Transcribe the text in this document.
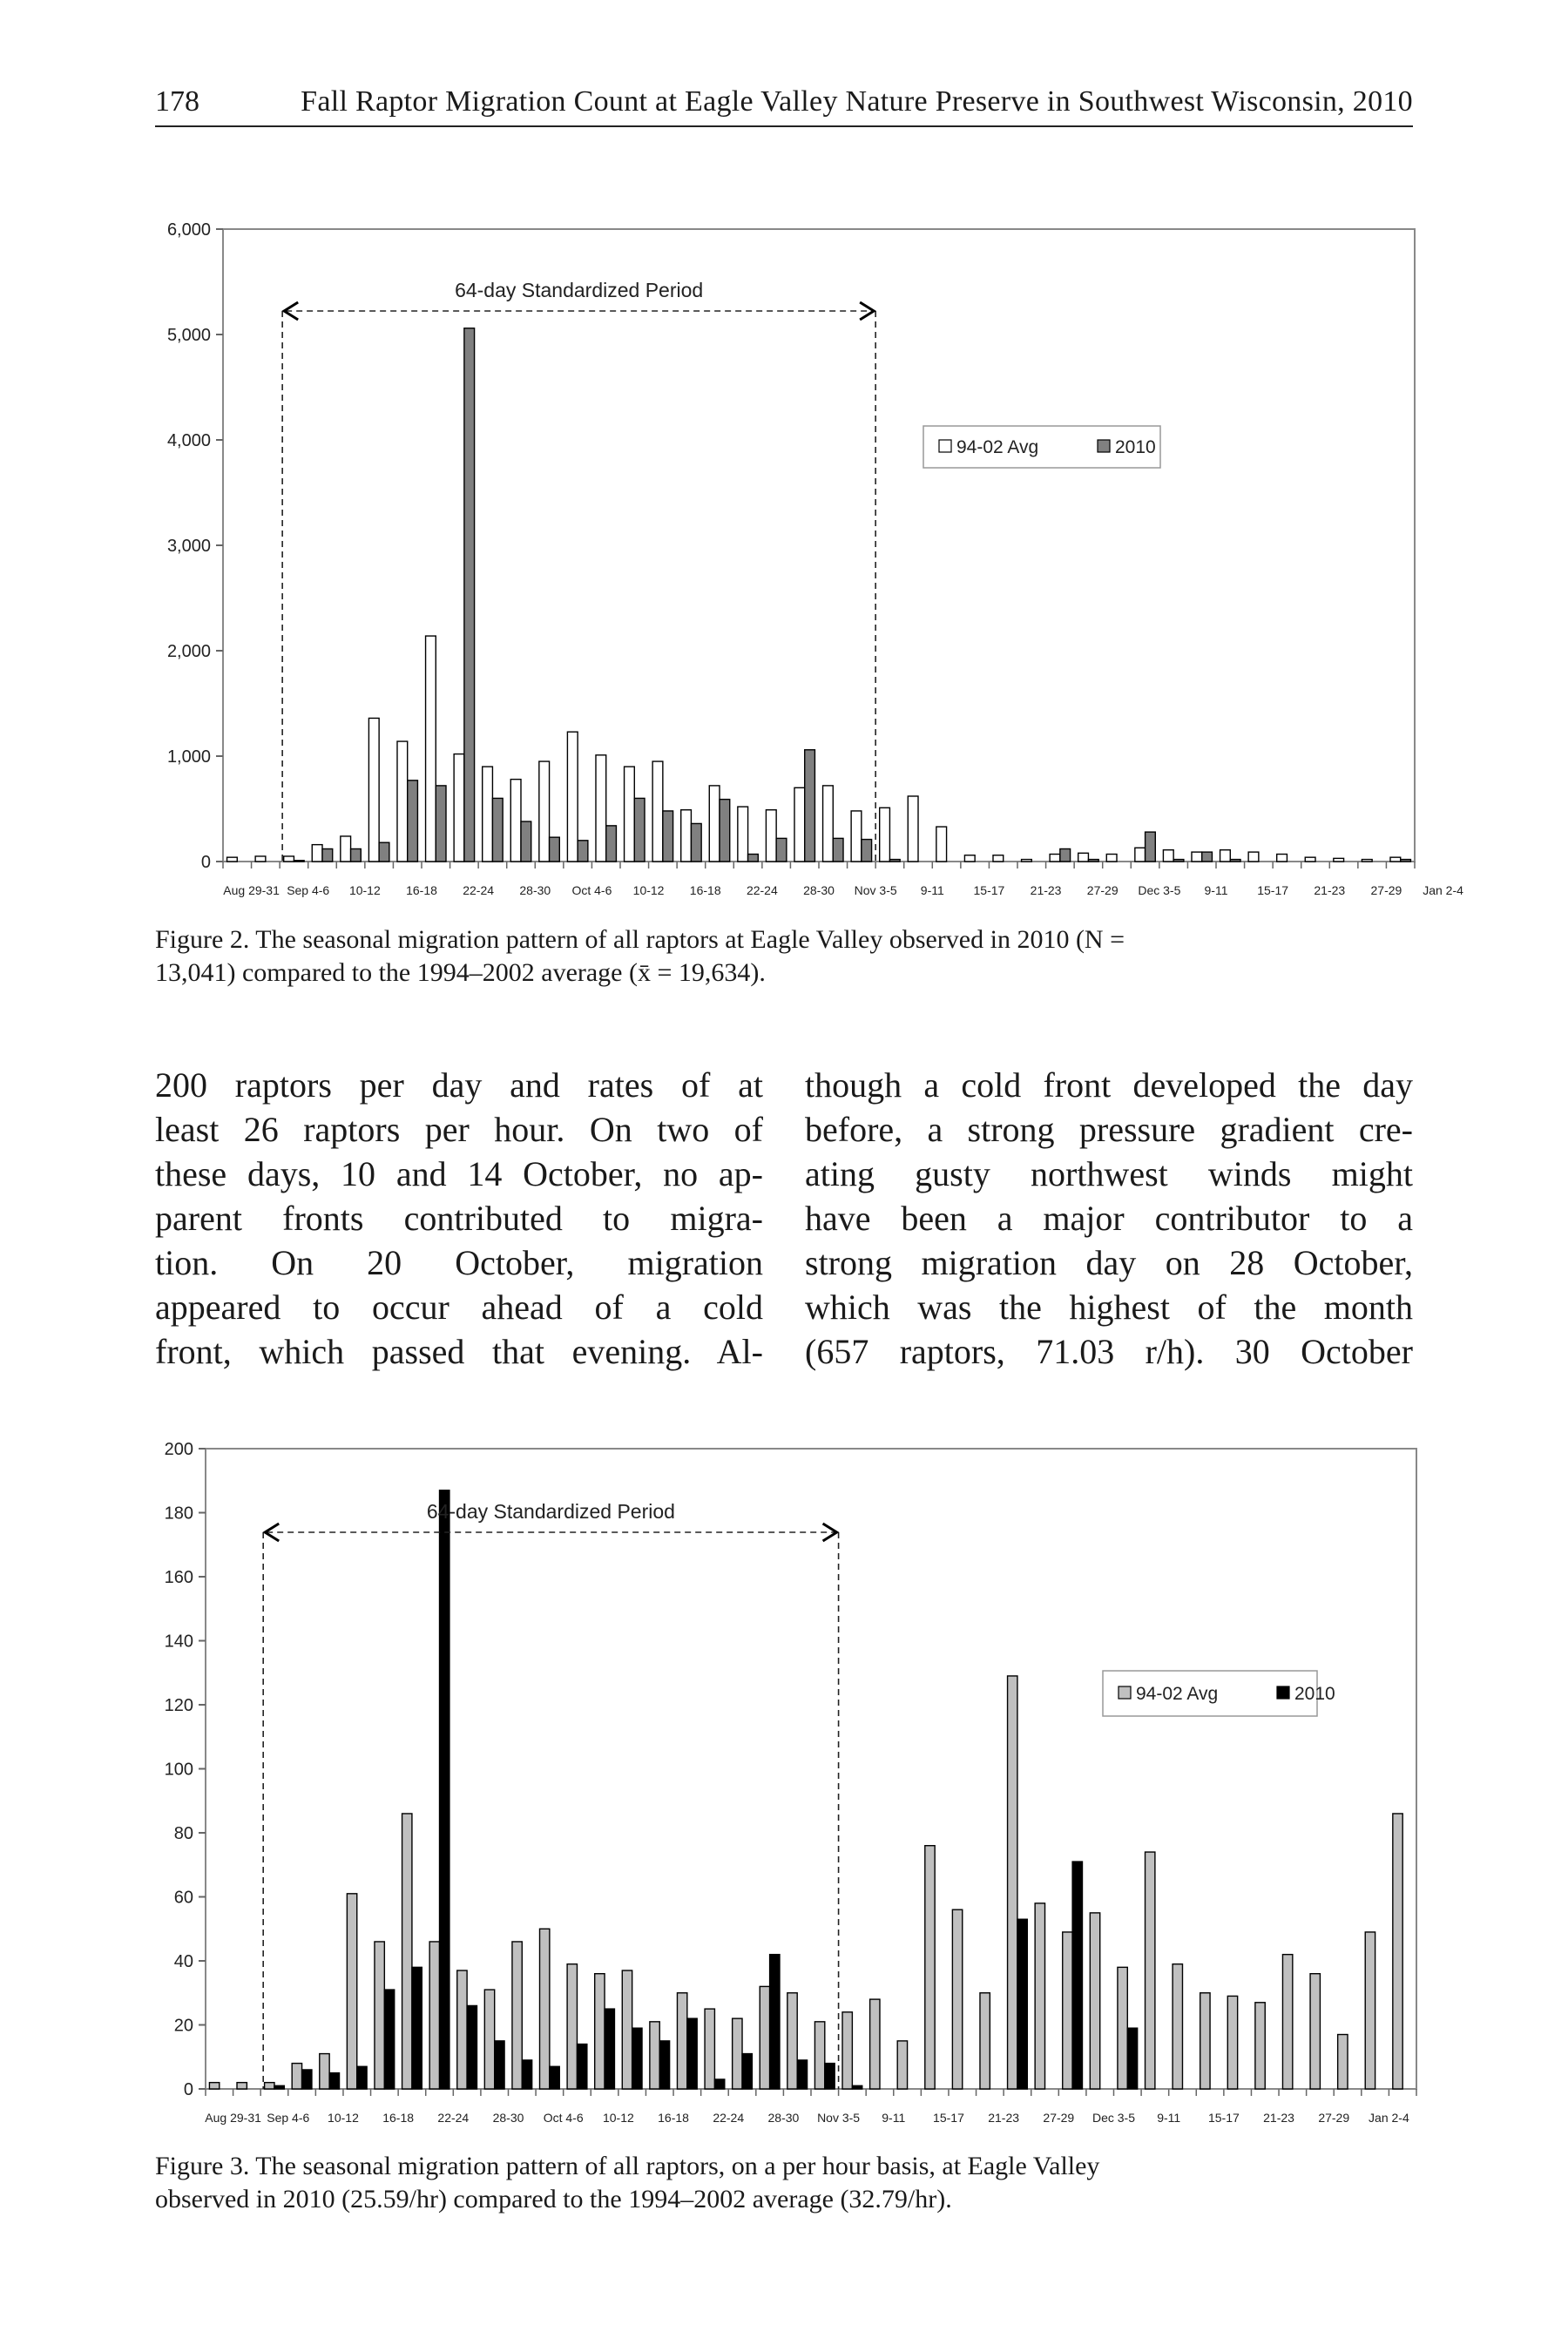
178	Fall Raptor Migration Count at Eagle Valley Nature Preserve in Southwest Wisconsin, 2010
0
1,000
2,000
3,000
4,000
5,000
6,000
Aug 29-31 Sep 4-6 10-12 16-18 22-24 28-30 Oct 4-6 10-12 16-18 22-24 28-30 Nov 3-5 9-11 15-17 21-23 27-29 Dec 3-5 9-11 15-17 21-23 27-29 Jan 2-4
64-day Standardized Period
94-02 Avg	2010
Figure 2. The seasonal migration pattern of all raptors at Eagle Valley observed in 2010 (N =
13,041) compared to the 1994–2002 average (x̄ = 19,634).
200 raptors per day and rates of at
least 26 raptors per hour. On two of
these days, 10 and 14 October, no ap-
parent fronts contributed to migra-
tion. On 20 October, migration
appeared to occur ahead of a cold
front, which passed that evening. Al-
though a cold front developed the day
before, a strong pressure gradient cre-
ating gusty northwest winds might
have been a major contributor to a
strong migration day on 28 October,
which was the highest of the month
(657 raptors, 71.03 r/h). 30 October
0
20
40
60
80
100
120
140
160
180
200
Aug 29-31 Sep 4-6 10-12 16-18 22-24 28-30 Oct 4-6 10-12 16-18 22-24 28-30 Nov 3-5 9-11 15-17 21-23 27-29 Dec 3-5 9-11 15-17 21-23 27-29 Jan 2-4
64-day Standardized Period
94-02 Avg	2010
Figure 3. The seasonal migration pattern of all raptors, on a per hour basis, at Eagle Valley
observed in 2010 (25.59/hr) compared to the 1994–2002 average (32.79/hr).
